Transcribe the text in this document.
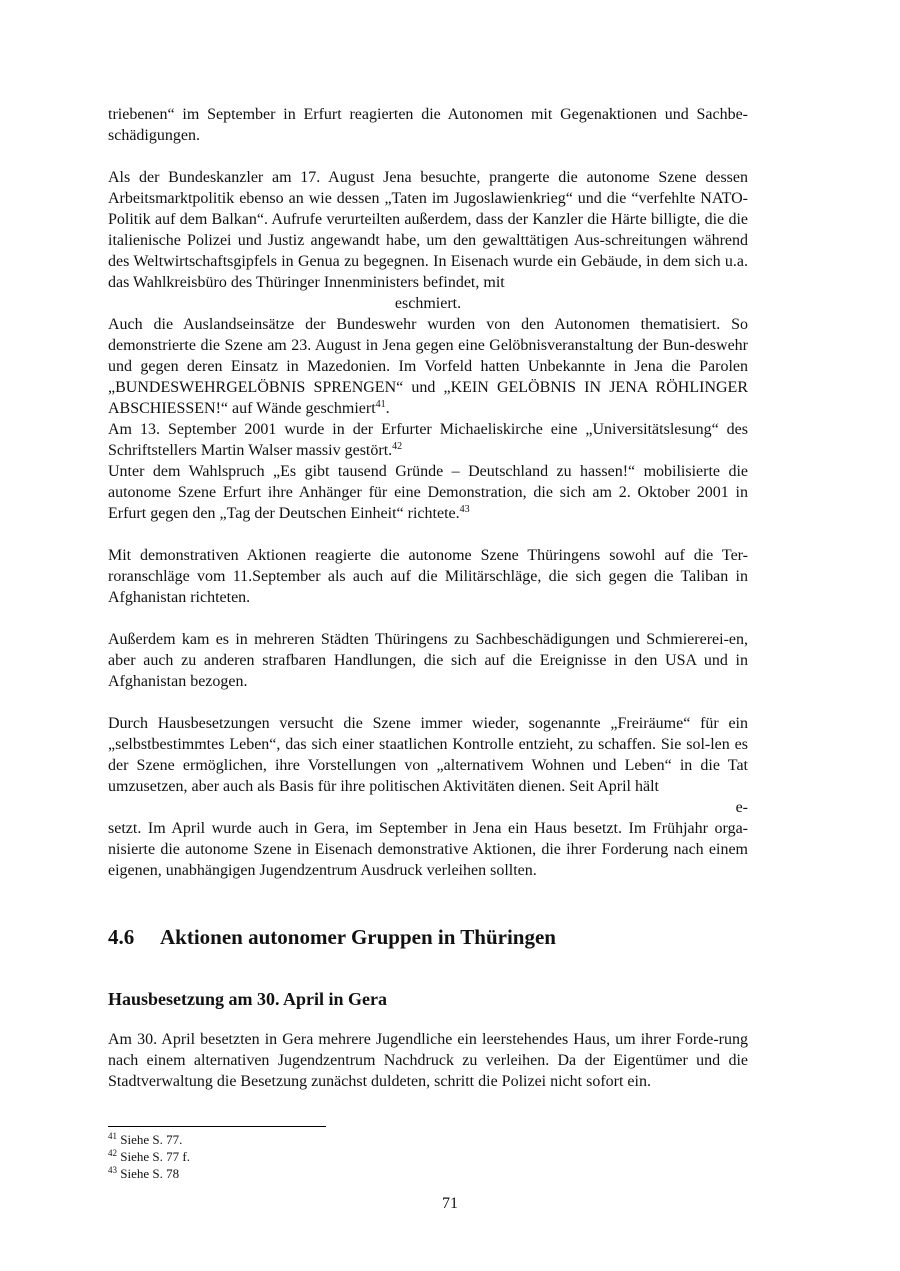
triebenen“ im September in Erfurt reagierten die Autonomen mit Gegenaktionen und Sachbe-schädigungen.

Als der Bundeskanzler am 17. August Jena besuchte, prangerte die autonome Szene dessen Arbeitsmarktpolitik ebenso an wie dessen „Taten im Jugoslawienkrieg“ und die “verfehlte NATO-Politik auf dem Balkan“. Aufrufe verurteilten außerdem, dass der Kanzler die Härte billigte, die die italienische Polizei und Justiz angewandt habe, um den gewalttätigen Aus-schreitungen während des Weltwirtschaftsgipfels in Genua zu begegnen. In Eisenach wurde ein Gebäude, in dem sich u.a. das Wahlkreisbüro des Thüringer Innenministers befindet, mit
eschmiert.

Auch die Auslandseinsätze der Bundeswehr wurden von den Autonomen thematisiert. So demonstrierte die Szene am 23. August in Jena gegen eine Gelöbnisveranstaltung der Bun-deswehr und gegen deren Einsatz in Mazedonien. Im Vorfeld hatten Unbekannte in Jena die Parolen „BUNDESWEHRGELÖBNIS SPRENGEN“ und „KEIN GELÖBNIS IN JENA RÖHLINGER ABSCHIESSEN!“ auf Wände geschmiert$^{41}$.

Am 13. September 2001 wurde in der Erfurter Michaeliskirche eine „Universitätslesung“ des Schriftstellers Martin Walser massiv gestört.$^{42}$

Unter dem Wahlspruch „Es gibt tausend Gründe – Deutschland zu hassen!“ mobilisierte die autonome Szene Erfurt ihre Anhänger für eine Demonstration, die sich am 2. Oktober 2001 in Erfurt gegen den „Tag der Deutschen Einheit“ richtete.$^{43}$

Mit demonstrativen Aktionen reagierte die autonome Szene Thüringens sowohl auf die Ter-roranschläge vom 11.September als auch auf die Militärschläge, die sich gegen die Taliban in Afghanistan richteten.

Außerdem kam es in mehreren Städten Thüringens zu Sachbeschädigungen und Schmiererei-en, aber auch zu anderen strafbaren Handlungen, die sich auf die Ereignisse in den USA und in Afghanistan bezogen.

Durch Hausbesetzungen versucht die Szene immer wieder, sogenannte „Freiräume“ für ein „selbstbestimmtes Leben“, das sich einer staatlichen Kontrolle entzieht, zu schaffen. Sie sol-len es der Szene ermöglichen, ihre Vorstellungen von „alternativem Wohnen und Leben“ in die Tat umzusetzen, aber auch als Basis für ihre politischen Aktivitäten dienen. Seit April hält
e-
setzt. Im April wurde auch in Gera, im September in Jena ein Haus besetzt. Im Frühjahr orga-nisierte die autonome Szene in Eisenach demonstrative Aktionen, die ihrer Forderung nach einem eigenen, unabhängigen Jugendzentrum Ausdruck verleihen sollten.

4.6 Aktionen autonomer Gruppen in Thüringen
Hausbesetzung am 30. April in Gera

Am 30. April besetzten in Gera mehrere Jugendliche ein leerstehendes Haus, um ihrer Forde-rung nach einem alternativen Jugendzentrum Nachdruck zu verleihen. Da der Eigentümer und die Stadtverwaltung die Besetzung zunächst duldeten, schritt die Polizei nicht sofort ein.

$^{41}$ Siehe S. 77.
$^{42}$ Siehe S. 77 f.
$^{43}$ Siehe S. 78
71
